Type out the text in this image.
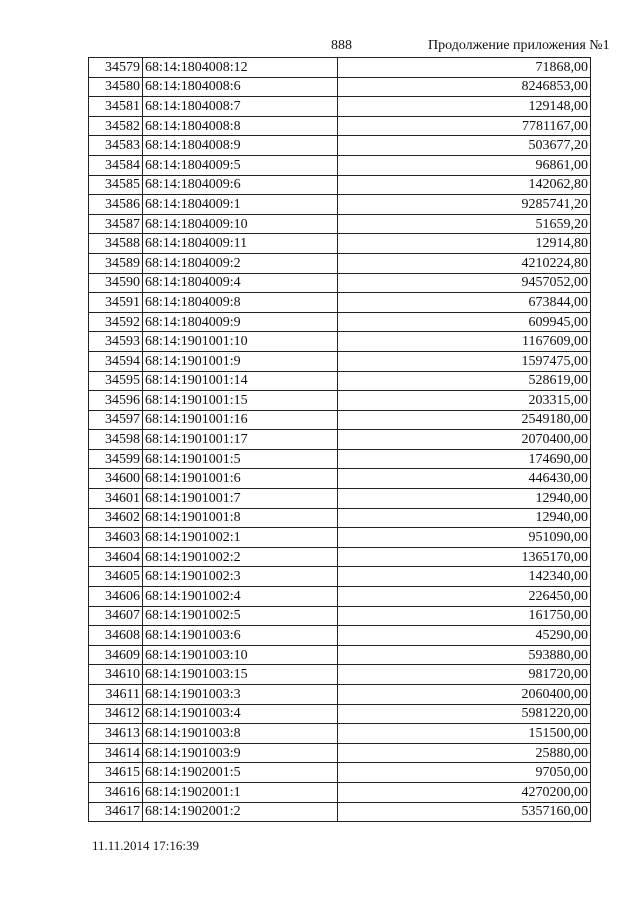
888	Продолжение приложения №1
34579	68:14:1804008:12	71868,00
34580	68:14:1804008:6	8246853,00
34581	68:14:1804008:7	129148,00
34582	68:14:1804008:8	7781167,00
34583	68:14:1804008:9	503677,20
34584	68:14:1804009:5	96861,00
34585	68:14:1804009:6	142062,80
34586	68:14:1804009:1	9285741,20
34587	68:14:1804009:10	51659,20
34588	68:14:1804009:11	12914,80
34589	68:14:1804009:2	4210224,80
34590	68:14:1804009:4	9457052,00
34591	68:14:1804009:8	673844,00
34592	68:14:1804009:9	609945,00
34593	68:14:1901001:10	1167609,00
34594	68:14:1901001:9	1597475,00
34595	68:14:1901001:14	528619,00
34596	68:14:1901001:15	203315,00
34597	68:14:1901001:16	2549180,00
34598	68:14:1901001:17	2070400,00
34599	68:14:1901001:5	174690,00
34600	68:14:1901001:6	446430,00
34601	68:14:1901001:7	12940,00
34602	68:14:1901001:8	12940,00
34603	68:14:1901002:1	951090,00
34604	68:14:1901002:2	1365170,00
34605	68:14:1901002:3	142340,00
34606	68:14:1901002:4	226450,00
34607	68:14:1901002:5	161750,00
34608	68:14:1901003:6	45290,00
34609	68:14:1901003:10	593880,00
34610	68:14:1901003:15	981720,00
34611	68:14:1901003:3	2060400,00
34612	68:14:1901003:4	5981220,00
34613	68:14:1901003:8	151500,00
34614	68:14:1901003:9	25880,00
34615	68:14:1902001:5	97050,00
34616	68:14:1902001:1	4270200,00
34617	68:14:1902001:2	5357160,00
11.11.2014 17:16:39
